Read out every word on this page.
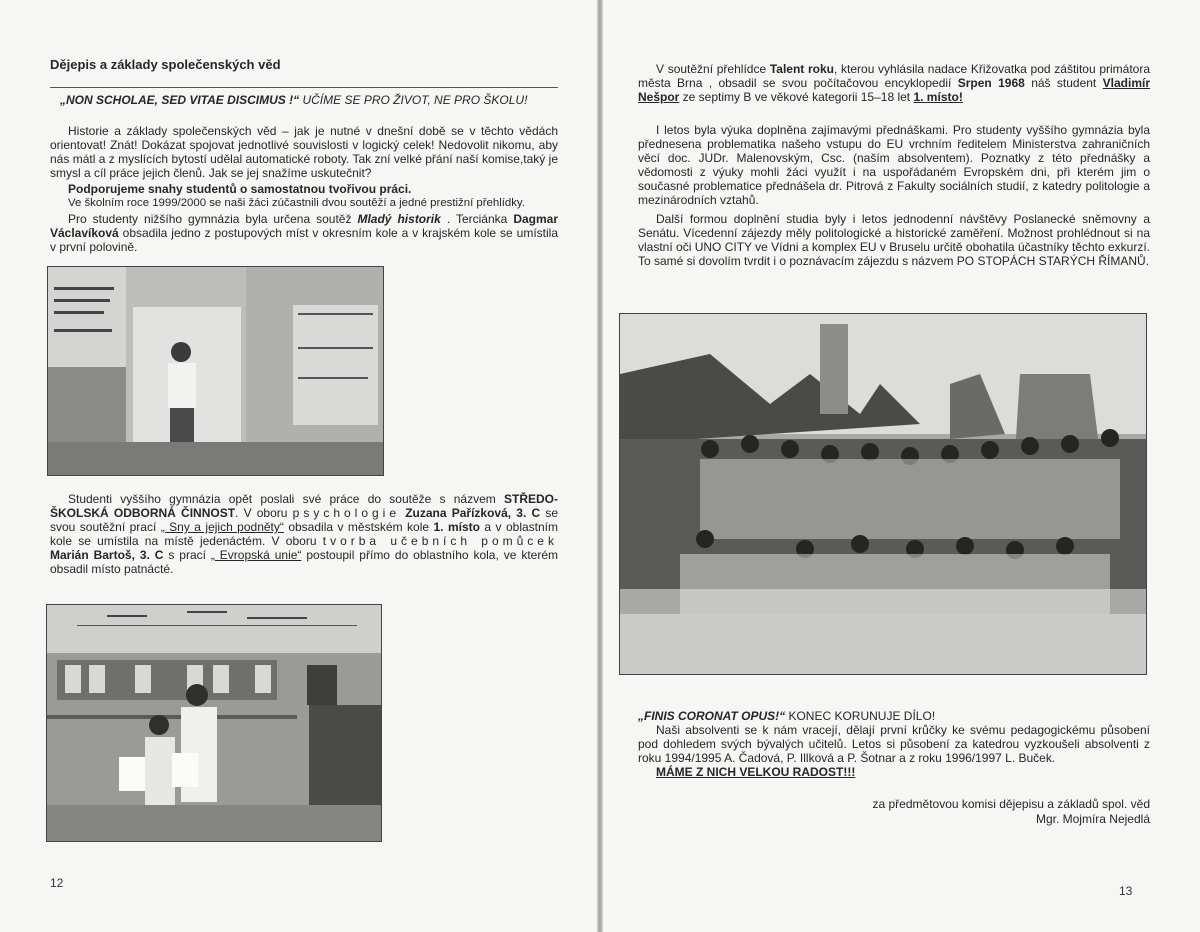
Dějepis a základy společenských věd

„NON SCHOLAE, SED VITAE DISCIMUS !“ UČÍME SE PRO ŽIVOT, NE PRO ŠKOLU!

Historie a základy společenských věd – jak je nutné v dnešní době se v těchto vědách orientovat! Znát! Dokázat spojovat jednotlivé souvislosti v logický celek! Nedovolit nikomu, aby nás mátl a z myslících bytostí udělal automatické roboty. Tak zní velké přání naší komise,taký je smysl a cíl práce jejich členů. Jak se jej snažíme uskutečnit?

Podporujeme snahy studentů o samostatnou tvořivou práci.

Ve školním roce 1999/2000 se naši žáci zúčastnili dvou soutěží a jedné prestižní přehlídky.

Pro studenty nižšího gymnázia byla určena soutěž Mladý historik . Terciánka Dagmar Václavíková obsadila jedno z postupových míst v okresním kole a v krajském kole se umístila v první polovině.

Studenti vyššího gymnázia opět poslali své práce do soutěže s názvem STŘEDO-ŠKOLSKÁ ODBORNÁ ČINNOST. V oboru psychologie Zuzana Pařízková, 3. C se svou soutěžní prací „ Sny a jejich podněty“ obsadila v městském kole 1. místo a v oblastním kole se umístila na místě jedenáctém. V oboru tvorba učebních pomůcek Marián Bartoš, 3. C s prací „ Evropská unie“ postoupil přímo do oblastního kola, ve kterém obsadil místo patnácté.

12

V soutěžní přehlídce Talent roku, kterou vyhlásila nadace Křižovatka pod záštitou primátora města Brna , obsadil se svou počítačovou encyklopedií Srpen 1968 náš student Vladimír Nešpor ze septimy B ve věkové kategorii 15–18 let 1. místo!

I letos byla výuka doplněna zajímavými přednáškami. Pro studenty vyššího gymnázia byla přednesena problematika našeho vstupu do EU vrchním ředitelem Ministerstva zahraničních věcí doc. JUDr. Malenovským, Csc. (naším absolventem). Poznatky z této přednášky a vědomosti z výuky mohli žáci využít i na uspořádaném Evropském dni, při kterém jim o současné problematice přednášela dr. Pitrová z Fakulty sociálních studií, z katedry politologie a mezinárodních vztahů.

Další formou doplnění studia byly i letos jednodenní návštěvy Poslanecké sněmovny a Senátu. Vícedenní zájezdy měly politologické a historické zaměření. Možnost prohlédnout si na vlastní oči UNO CITY ve Vídni a komplex EU v Bruselu určitě obohatila účastníky těchto exkurzí. To samé si dovolím tvrdit i o poznávacím zájezdu s názvem PO STOPÁCH STARÝCH ŘÍMANŮ.

„FINIS CORONAT OPUS!“ KONEC KORUNUJE DÍLO!

Naši absolventi se k nám vracejí, dělají první krůčky ke svému pedagogickému působení pod dohledem svých bývalých učitelů. Letos si působení za katedrou vyzkoušeli absolventi z roku 1994/1995 A. Čadová, P. Illková a P. Šotnar a z roku 1996/1997 L. Buček.

MÁME Z NICH VELKOU RADOST!!!

za předmětovou komisi dějepisu a základů spol. věd

Mgr. Mojmíra Nejedlá

13
